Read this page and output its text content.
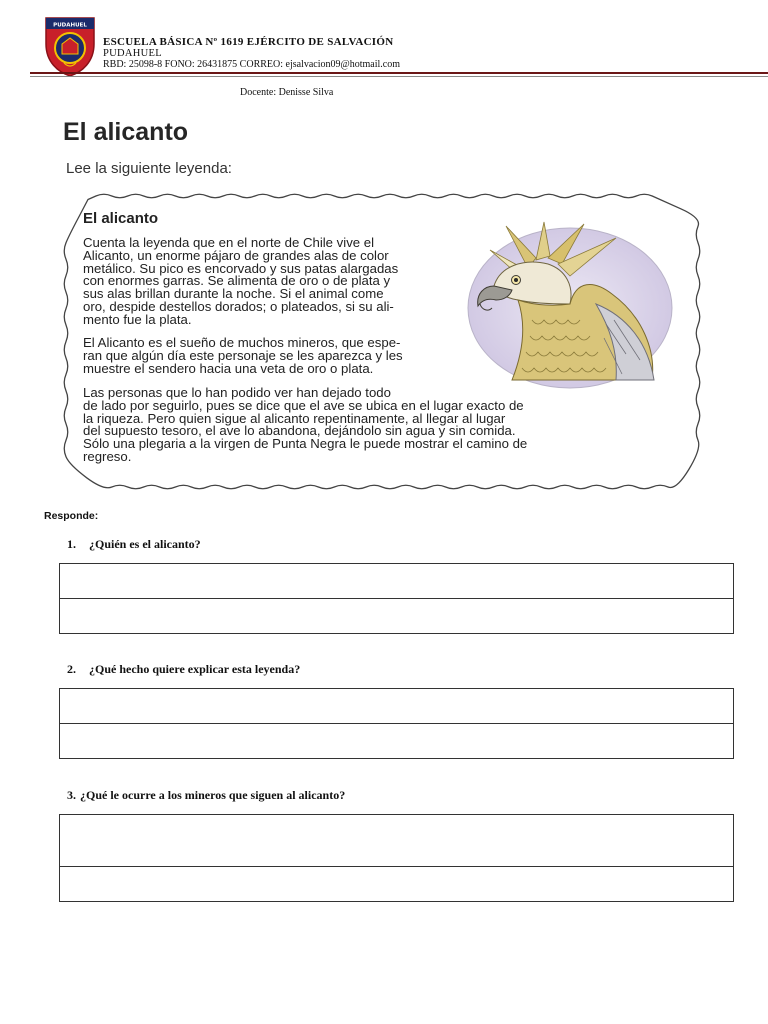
PUDAHUEL
ESCUELA BÁSICA Nº 1619 EJÉRCITO DE SALVACIÓN
PUDAHUEL
RBD: 25098-8 FONO: 26431875 CORREO: ejsalvacion09@hotmail.com
Docente: Denisse Silva
El alicanto
Lee la siguiente leyenda:
El alicanto
Cuenta la leyenda que en el norte de Chile vive el
Alicanto, un enorme pájaro de grandes alas de color
metálico. Su pico es encorvado y sus patas alargadas
con enormes garras. Se alimenta de oro o de plata y
sus alas brillan durante la noche. Si el animal come
oro, despide destellos dorados; o plateados, si su ali-
mento fue la plata.
El Alicanto es el sueño de muchos mineros, que espe-
ran que algún día este personaje se les aparezca y les
muestre el sendero hacia una veta de oro o plata.
Las personas que lo han podido ver han dejado todo
de lado por seguirlo, pues se dice que el ave se ubica en el lugar exacto de
la riqueza. Pero quien sigue al alicanto repentinamente, al llegar al lugar
del supuesto tesoro, el ave lo abandona, dejándolo sin agua y sin comida.
Sólo una plegaria a la virgen de Punta Negra le puede mostrar el camino de
regreso.
Responde:
1. ¿Quién es el alicanto?
2. ¿Qué hecho quiere explicar esta leyenda?
3. ¿Qué le ocurre a los mineros que siguen al alicanto?
